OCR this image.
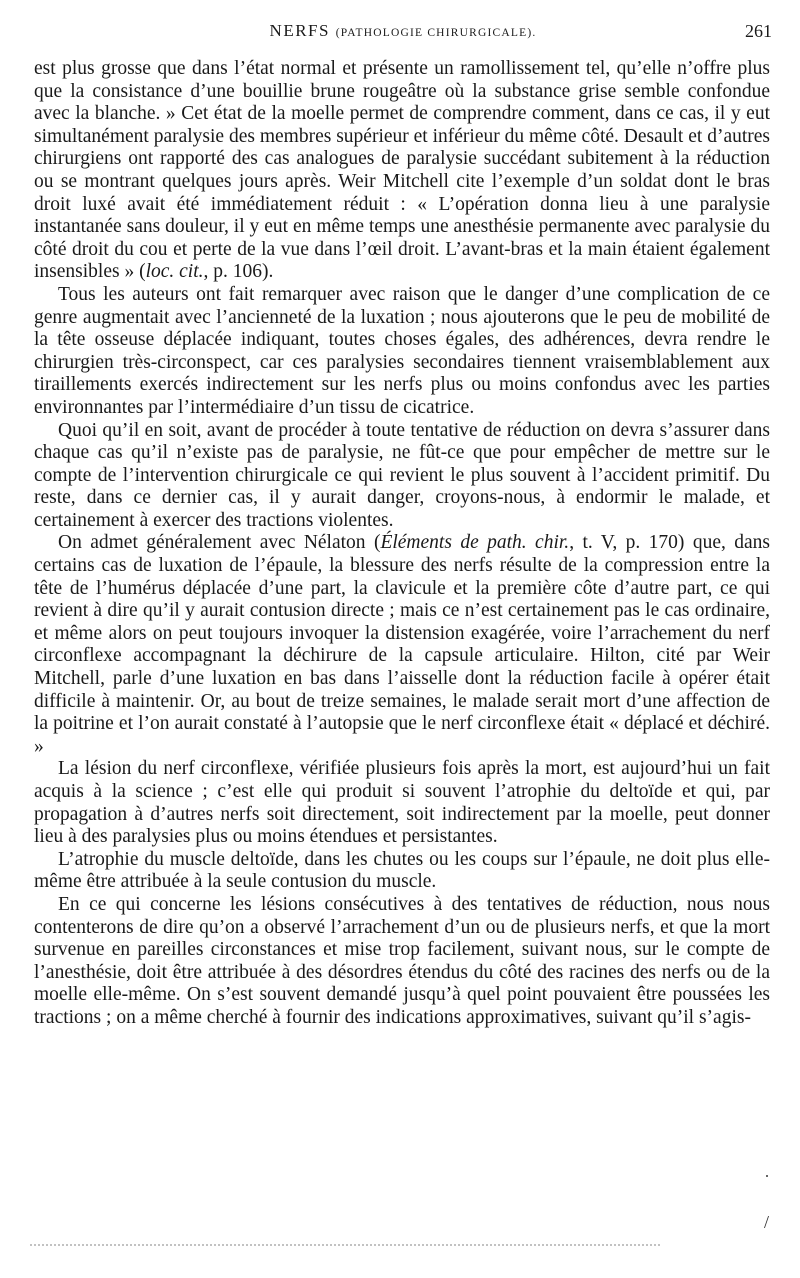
NERFS (PATHOLOGIE CHIRURGICALE).	261

est plus grosse que dans l’état normal et présente un ramollissement tel, qu’elle n’offre plus que la consistance d’une bouillie brune rougeâtre où la substance grise semble confondue avec la blanche. » Cet état de la moelle permet de comprendre comment, dans ce cas, il y eut simultanément paralysie des membres supérieur et inférieur du même côté. Desault et d’autres chirurgiens ont rapporté des cas analogues de paralysie succédant subitement à la réduction ou se montrant quelques jours après. Weir Mitchell cite l’exemple d’un soldat dont le bras droit luxé avait été immédiatement réduit : « L’opération donna lieu à une paralysie instantanée sans douleur, il y eut en même temps une anesthésie permanente avec paralysie du côté droit du cou et perte de la vue dans l’œil droit. L’avant-bras et la main étaient également insensibles » (loc. cit., p. 106).

Tous les auteurs ont fait remarquer avec raison que le danger d’une complication de ce genre augmentait avec l’ancienneté de la luxation ; nous ajouterons que le peu de mobilité de la tête osseuse déplacée indiquant, toutes choses égales, des adhérences, devra rendre le chirurgien très-circonspect, car ces paralysies secondaires tiennent vraisemblablement aux tiraillements exercés indirectement sur les nerfs plus ou moins confondus avec les parties environnantes par l’intermédiaire d’un tissu de cicatrice.

Quoi qu’il en soit, avant de procéder à toute tentative de réduction on devra s’assurer dans chaque cas qu’il n’existe pas de paralysie, ne fût-ce que pour empêcher de mettre sur le compte de l’intervention chirurgicale ce qui revient le plus souvent à l’accident primitif. Du reste, dans ce dernier cas, il y aurait danger, croyons-nous, à endormir le malade, et certainement à exercer des tractions violentes.

On admet généralement avec Nélaton (Éléments de path. chir., t. V, p. 170) que, dans certains cas de luxation de l’épaule, la blessure des nerfs résulte de la compression entre la tête de l’humérus déplacée d’une part, la clavicule et la première côte d’autre part, ce qui revient à dire qu’il y aurait contusion directe ; mais ce n’est certainement pas le cas ordinaire, et même alors on peut toujours invoquer la distension exagérée, voire l’arrachement du nerf circonflexe accompagnant la déchirure de la capsule articulaire. Hilton, cité par Weir Mitchell, parle d’une luxation en bas dans l’aisselle dont la réduction facile à opérer était difficile à maintenir. Or, au bout de treize semaines, le malade serait mort d’une affection de la poitrine et l’on aurait constaté à l’autopsie que le nerf circonflexe était « déplacé et déchiré. »

La lésion du nerf circonflexe, vérifiée plusieurs fois après la mort, est aujourd’hui un fait acquis à la science ; c’est elle qui produit si souvent l’atrophie du deltoïde et qui, par propagation à d’autres nerfs soit directement, soit indirectement par la moelle, peut donner lieu à des paralysies plus ou moins étendues et persistantes.

L’atrophie du muscle deltoïde, dans les chutes ou les coups sur l’épaule, ne doit plus elle-même être attribuée à la seule contusion du muscle.

En ce qui concerne les lésions consécutives à des tentatives de réduction, nous nous contenterons de dire qu’on a observé l’arrachement d’un ou de plusieurs nerfs, et que la mort survenue en pareilles circonstances et mise trop facilement, suivant nous, sur le compte de l’anesthésie, doit être attribuée à des désordres étendus du côté des racines des nerfs ou de la moelle elle-même. On s’est souvent demandé jusqu’à quel point pouvaient être poussées les tractions ; on a même cherché à fournir des indications approximatives, suivant qu’il s’agis-

/
